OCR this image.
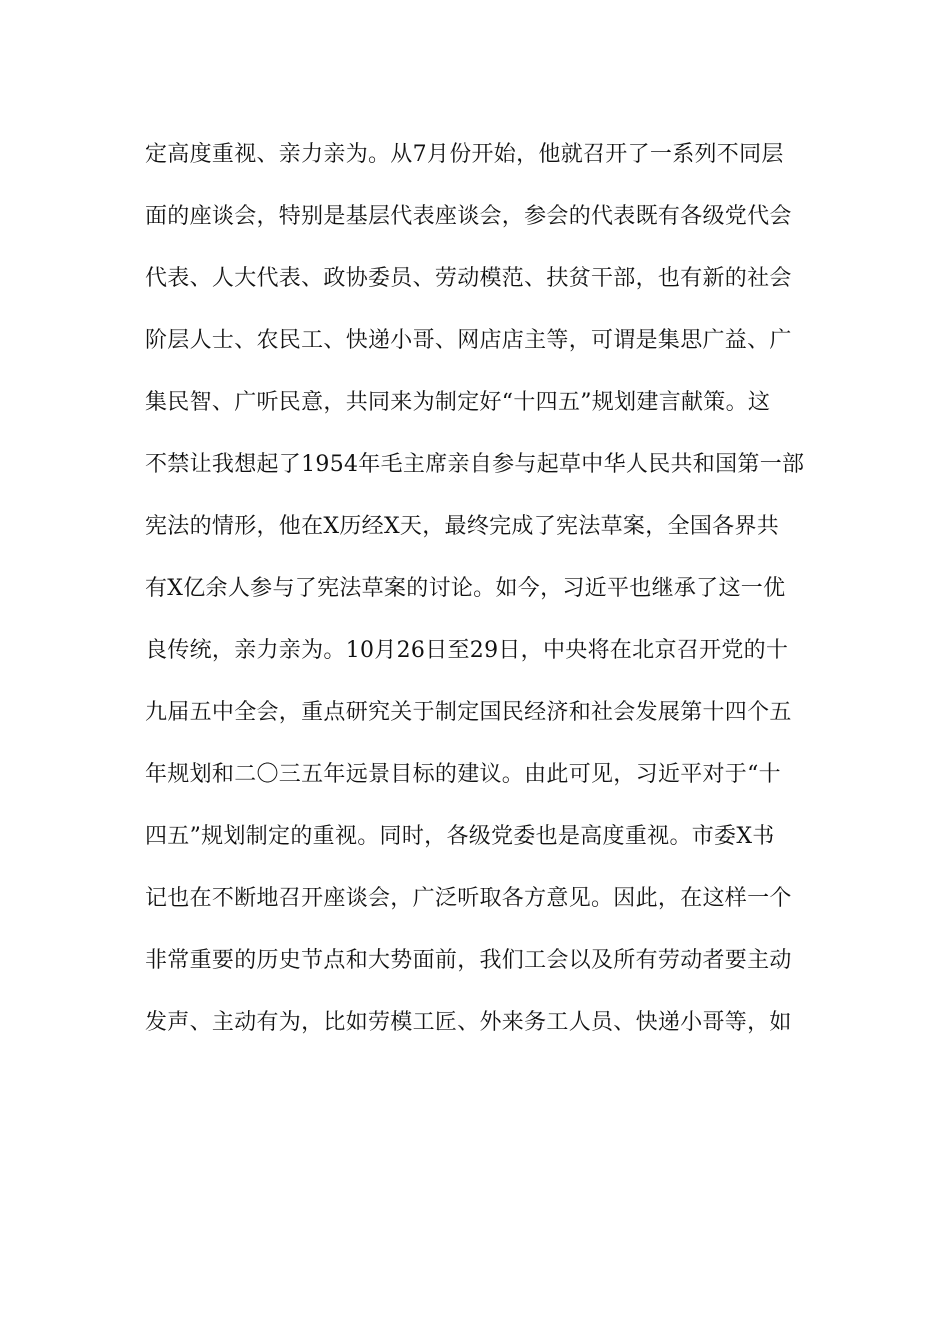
定高度重视、亲力亲为。从7月份开始，他就召开了一系列不同层
面的座谈会，特别是基层代表座谈会，参会的代表既有各级党代会
代表、人大代表、政协委员、劳动模范、扶贫干部，也有新的社会
阶层人士、农民工、快递小哥、网店店主等，可谓是集思广益、广
集民智、广听民意，共同来为制定好“十四五”规划建言献策。这
不禁让我想起了1954年毛主席亲自参与起草中华人民共和国第一部
宪法的情形，他在X历经X天，最终完成了宪法草案，全国各界共
有X亿余人参与了宪法草案的讨论。如今，习近平也继承了这一优
良传统，亲力亲为。10月26日至29日，中央将在北京召开党的十
九届五中全会，重点研究关于制定国民经济和社会发展第十四个五
年规划和二〇三五年远景目标的建议。由此可见，习近平对于“十
四五”规划制定的重视。同时，各级党委也是高度重视。市委X书
记也在不断地召开座谈会，广泛听取各方意见。因此，在这样一个
非常重要的历史节点和大势面前，我们工会以及所有劳动者要主动
发声、主动有为，比如劳模工匠、外来务工人员、快递小哥等，如
